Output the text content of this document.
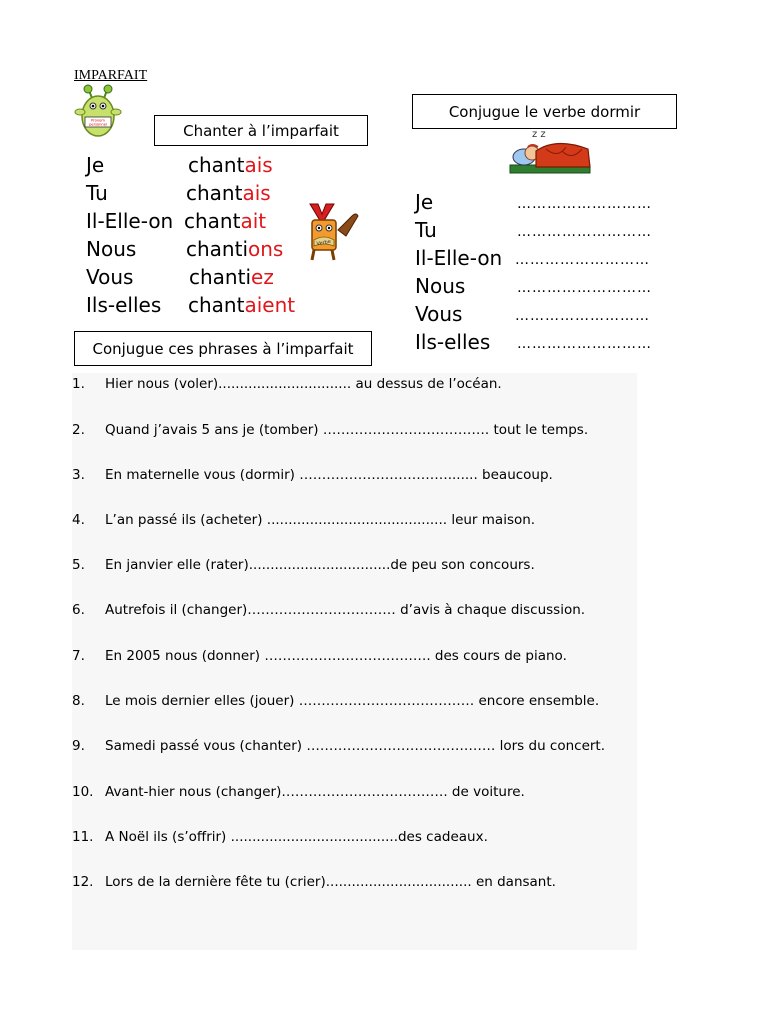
IMPARFAIT
Pronom
personnel	Chanter à l’imparfait
Je	chantais
Tu	chantais
Il-Elle-on chantait
Nous chantions
Vous	chantiez
Ils-elles chantaient
Verbe
Conjugue le verbe dormir
z z
Je	………………………
Tu	………………………
Il-Elle-on ………………………
Nous	………………………
Vous	………………………
Ils-elles ………………………
Conjugue ces phrases à l’imparfait
1.	Hier nous (voler)............................... au dessus de l’océan.
2.	Quand j’avais 5 ans je (tomber) ………………………………. tout le temps.
3.	En maternelle vous (dormir) ……………………………....... beaucoup.
4.	L’an passé ils (acheter) .......................................... leur maison.
5.	En janvier elle (rater).................................de peu son concours.
6.	Autrefois il (changer)…………………………… d’avis à chaque discussion.
7.	En 2005 nous (donner) ………………………………. des cours de piano.
8.	Le mois dernier elles (jouer) ………………………………… encore ensemble.
9.	Samedi passé vous (chanter) …………………………………… lors du concert.
10. Avant-hier nous (changer)………………………………. de voiture.
11. A Noël ils (s’offrir) .......................................des cadeaux.
12. Lors de la dernière fête tu (crier).................................. en dansant.
